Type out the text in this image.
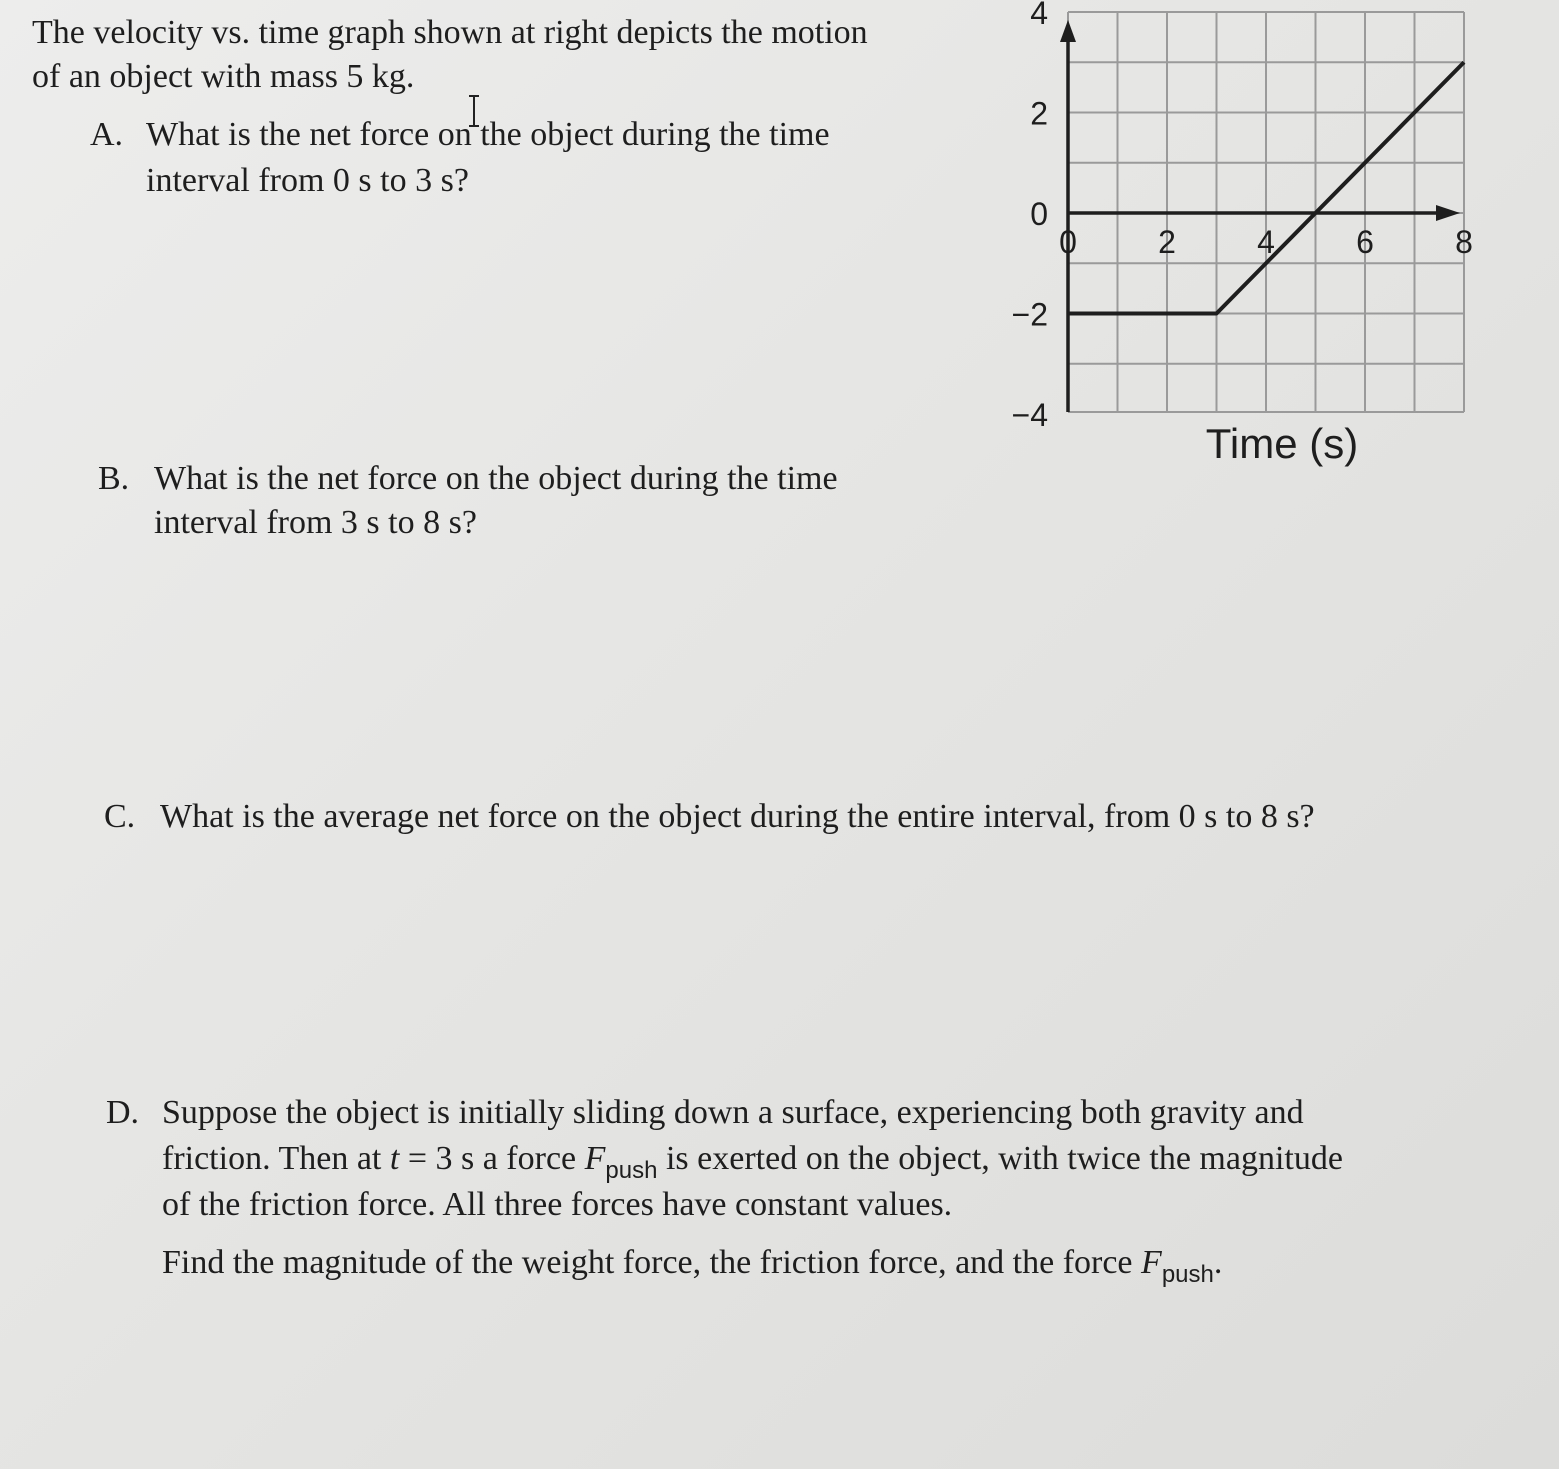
The velocity vs. time graph shown at right depicts the motion
of an object with mass 5 kg.
A. What is the net force on the object during the time
interval from 0 s to 3 s?
B. What is the net force on the object during the time
interval from 3 s to 8 s?
C. What is the average net force on the object during the entire interval, from 0 s to 8 s?
D. Suppose the object is initially sliding down a surface, experiencing both gravity and
friction. Then at t = 3 s a force $F_{push}$ is exerted on the object, with twice the magnitude
of the friction force. All three forces have constant values.
Find the magnitude of the weight force, the friction force, and the force $F_{push}$.
4
2
0
−2
−4
0	2	4	6	8
Time (s)
